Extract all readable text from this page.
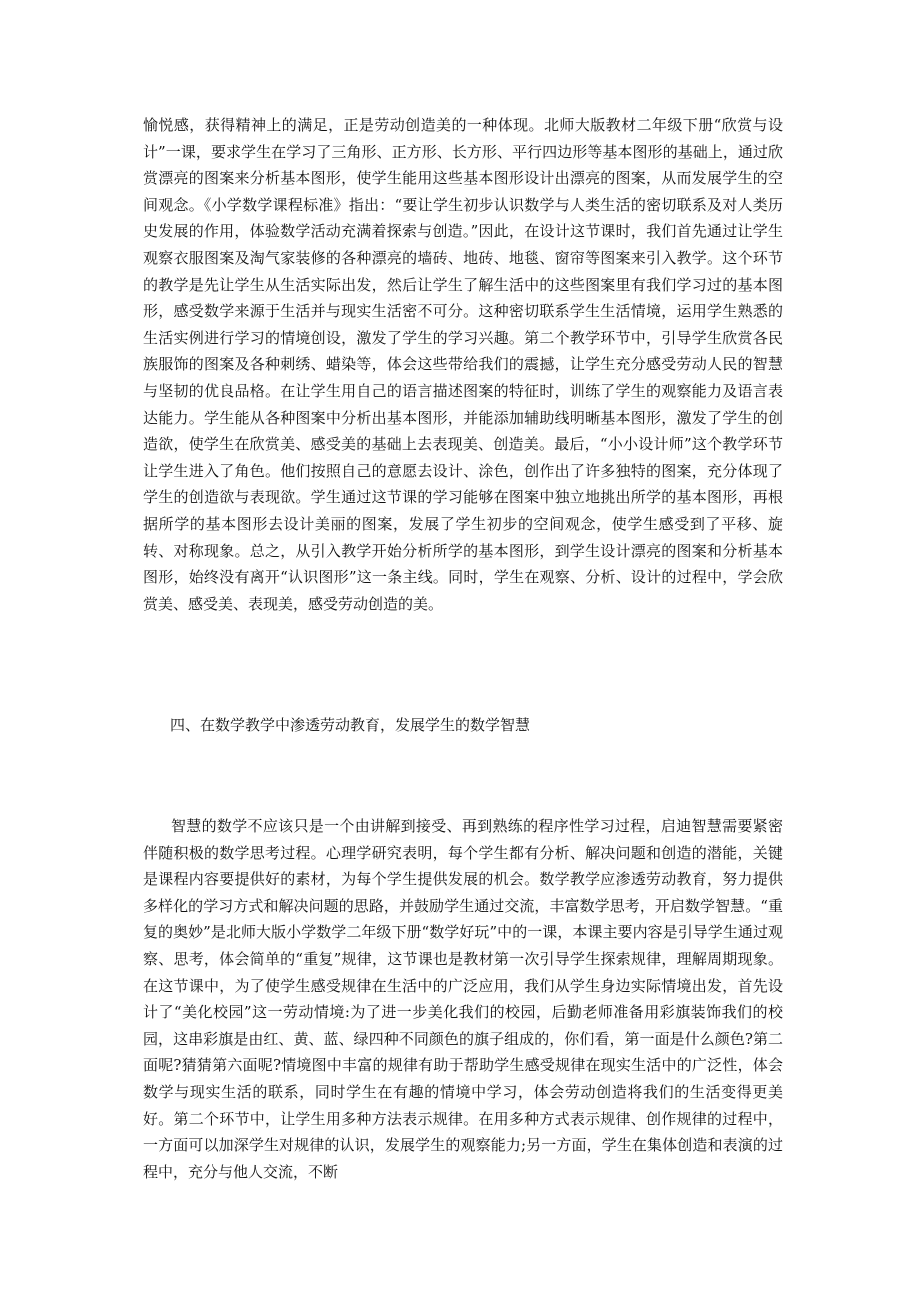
愉悦感，获得精神上的满足，正是劳动创造美的一种体现。北师大版教材二年级下册“欣赏与设计”一课，要求学生在学习了三角形、正方形、长方形、平行四边形等基本图形的基础上，通过欣赏漂亮的图案来分析基本图形，使学生能用这些基本图形设计出漂亮的图案，从而发展学生的空间观念。《小学数学课程标准》指出：“要让学生初步认识数学与人类生活的密切联系及对人类历史发展的作用，体验数学活动充满着探索与创造。”因此，在设计这节课时，我们首先通过让学生观察衣服图案及淘气家装修的各种漂亮的墙砖、地砖、地毯、窗帘等图案来引入教学。这个环节的教学是先让学生从生活实际出发，然后让学生了解生活中的这些图案里有我们学习过的基本图形，感受数学来源于生活并与现实生活密不可分。这种密切联系学生生活情境，运用学生熟悉的生活实例进行学习的情境创设，激发了学生的学习兴趣。第二个教学环节中，引导学生欣赏各民族服饰的图案及各种刺绣、蜡染等，体会这些带给我们的震撼，让学生充分感受劳动人民的智慧与坚韧的优良品格。在让学生用自己的语言描述图案的特征时，训练了学生的观察能力及语言表达能力。学生能从各种图案中分析出基本图形，并能添加辅助线明晰基本图形，激发了学生的创造欲，使学生在欣赏美、感受美的基础上去表现美、创造美。最后，“小小设计师”这个教学环节让学生进入了角色。他们按照自己的意愿去设计、涂色，创作出了许多独特的图案，充分体现了学生的创造欲与表现欲。学生通过这节课的学习能够在图案中独立地挑出所学的基本图形，再根据所学的基本图形去设计美丽的图案，发展了学生初步的空间观念，使学生感受到了平移、旋转、对称现象。总之，从引入教学开始分析所学的基本图形，到学生设计漂亮的图案和分析基本图形，始终没有离开“认识图形”这一条主线。同时，学生在观察、分析、设计的过程中，学会欣赏美、感受美、表现美，感受劳动创造的美。

四、在数学教学中渗透劳动教育，发展学生的数学智慧

智慧的数学不应该只是一个由讲解到接受、再到熟练的程序性学习过程，启迪智慧需要紧密伴随积极的数学思考过程。心理学研究表明，每个学生都有分析、解决问题和创造的潜能，关键是课程内容要提供好的素材，为每个学生提供发展的机会。数学教学应渗透劳动教育，努力提供多样化的学习方式和解决问题的思路，并鼓励学生通过交流，丰富数学思考，开启数学智慧。“重复的奥妙”是北师大版小学数学二年级下册“数学好玩”中的一课，本课主要内容是引导学生通过观察、思考，体会简单的“重复”规律，这节课也是教材第一次引导学生探索规律，理解周期现象。在这节课中，为了使学生感受规律在生活中的广泛应用，我们从学生身边实际情境出发，首先设计了“美化校园”这一劳动情境:为了进一步美化我们的校园，后勤老师准备用彩旗装饰我们的校园，这串彩旗是由红、黄、蓝、绿四种不同颜色的旗子组成的，你们看，第一面是什么颜色?第二面呢?猜猜第六面呢?情境图中丰富的规律有助于帮助学生感受规律在现实生活中的广泛性，体会数学与现实生活的联系，同时学生在有趣的情境中学习，体会劳动创造将我们的生活变得更美好。第二个环节中，让学生用多种方法表示规律。在用多种方式表示规律、创作规律的过程中，一方面可以加深学生对规律的认识，发展学生的观察能力;另一方面，学生在集体创造和表演的过程中，充分与他人交流，不断
